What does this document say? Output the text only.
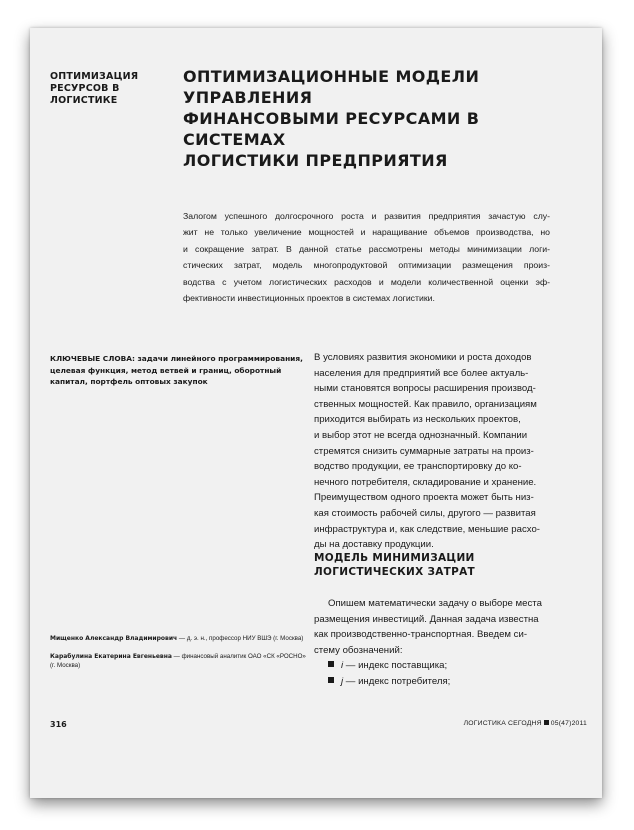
ОПТИМИЗАЦИЯ
РЕСУРСОВ В ЛОГИСТИКЕ
ОПТИМИЗАЦИОННЫЕ МОДЕЛИ УПРАВЛЕНИЯ
ФИНАНСОВЫМИ РЕСУРСАМИ В СИСТЕМАХ
ЛОГИСТИКИ ПРЕДПРИЯТИЯ
Залогом успешного долгосрочного роста и развития предприятия зачастую слу-
жит не только увеличение мощностей и наращивание объемов производства, но
и сокращение затрат. В данной статье рассмотрены методы минимизации логи-
стических затрат, модель многопродуктовой оптимизации размещения произ-
водства с учетом логистических расходов и модели количественной оценки эф-
фективности инвестиционных проектов в системах логистики.
КЛЮЧЕВЫЕ СЛОВА: задачи линейного программирования, целевая функция, метод ветвей и границ, оборотный капитал, портфель оптовых закупок
В условиях развития экономики и роста доходов
населения для предприятий все более актуаль-
ными становятся вопросы расширения производ-
ственных мощностей. Как правило, организациям
приходится выбирать из нескольких проектов,
и выбор этот не всегда однозначный. Компании
стремятся снизить суммарные затраты на произ-
водство продукции, ее транспортировку до ко-
нечного потребителя, складирование и хранение.
Преимуществом одного проекта может быть низ-
кая стоимость рабочей силы, другого — развитая
инфраструктура и, как следствие, меньшие расхо-
ды на доставку продукции.
МОДЕЛЬ МИНИМИЗАЦИИ
ЛОГИСТИЧЕСКИХ ЗАТРАТ
Опишем математически задачу о выборе места
размещения инвестиций. Данная задача известна
как производственно-транспортная. Введем си-
стему обозначений:
i — индекс поставщика;
j — индекс потребителя;
Мищенко Александр Владимирович — д. э. н., профессор НИУ ВШЭ (г. Москва)
Карабулина Екатерина Евгеньевна — финансовый аналитик ОАО «СК «РОСНО» (г. Москва)
316	ЛОГИСТИКА СЕГОДНЯ 05(47)2011
